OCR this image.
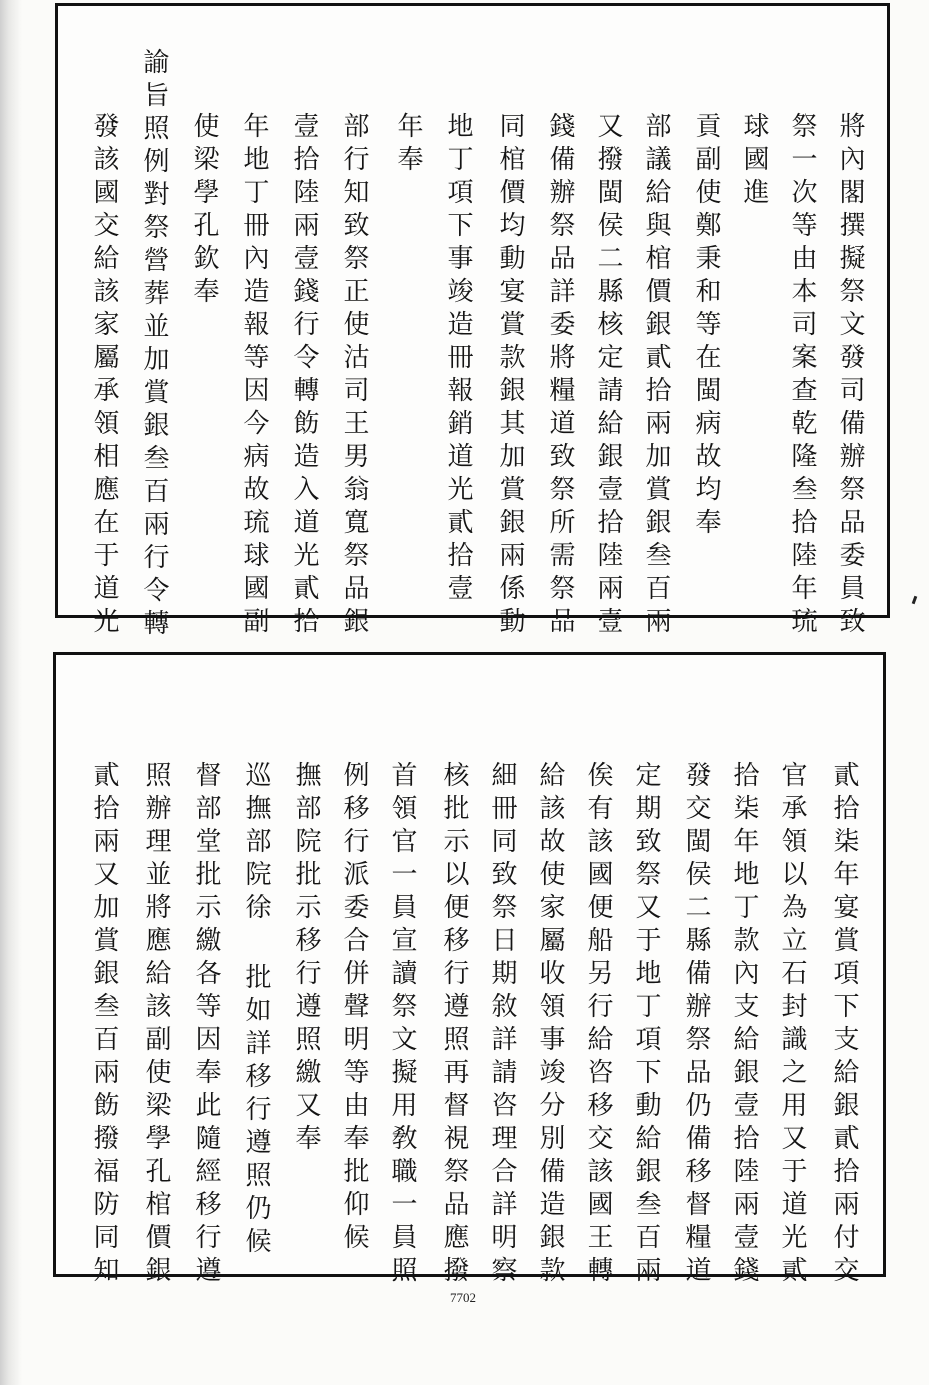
將內閣撰擬祭文發司備辦祭品委員致
祭一次等由本司案查乾隆叁拾陸年琉
球國進
貢副使鄭秉和等在閩病故均奉
部議給與棺價銀貳拾兩加賞銀叁百兩
又撥閩侯二縣核定請給銀壹拾陸兩壹
錢備辦祭品詳委將糧道致祭所需祭品
同棺價均動宴賞款銀其加賞銀兩係動
地丁項下事竣造冊報銷道光貳拾壹
年奉
部行知致祭正使沽司王男翁寬祭品銀
壹拾陸兩壹錢行令轉飭造入道光貳拾
年地丁冊內造報等因今病故琉球國副
使梁學孔欽奉
諭旨照例對祭營葬並加賞銀叁百兩行令轉
發該國交給該家屬承領相應在于道光
貳拾柒年宴賞項下支給銀貳拾兩付交
官承領以為立石封識之用又于道光貳
拾柒年地丁款內支給銀壹拾陸兩壹錢
發交閩侯二縣備辦祭品仍備移督糧道
定期致祭又于地丁項下動給銀叁百兩
俟有該國便船另行給咨移交該國王轉
給該故使家屬收領事竣分別備造銀款
細冊同致祭日期敘詳請咨理合詳明察
核批示以便移行遵照再督視祭品應撥
首領官一員宣讀祭文擬用敎職一員照
例移行派委合併聲明等由奉批仰候
撫部院批示移行遵照繳又奉
巡撫部院徐 批如詳移行遵照仍候
督部堂批示繳各等因奉此隨經移行遵
照辦理並將應給該副使梁學孔棺價銀
貳拾兩又加賞銀叁百兩飭撥福防同知
7702
